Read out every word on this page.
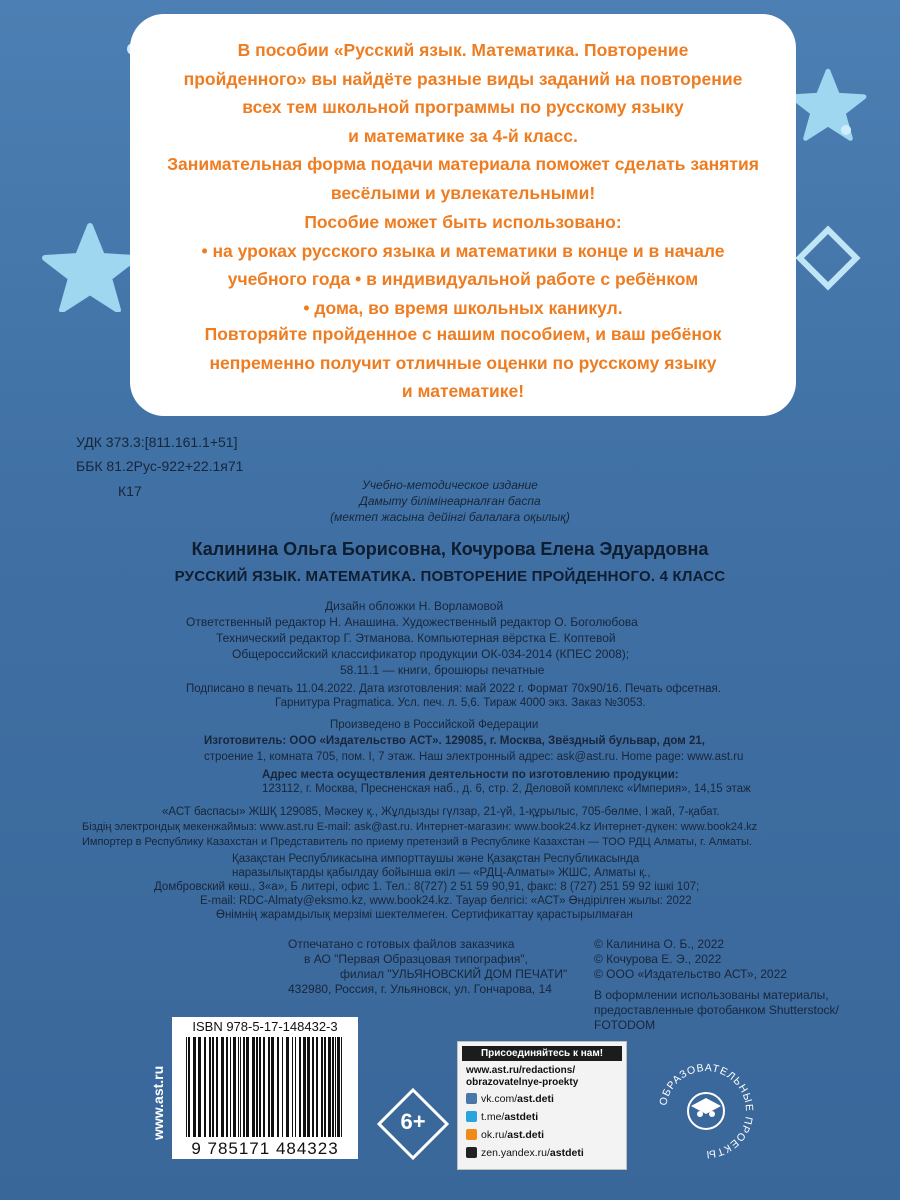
В пособии «Русский язык. Математика. Повторение

пройденного» вы найдёте разные виды заданий на повторение

всех тем школьной программы по русскому языку

и математике за 4-й класс.

Занимательная форма подачи материала поможет сделать занятия

весёлыми и увлекательными!

Пособие может быть использовано:

• на уроках русского языка и математики в конце и в начале

учебного года • в индивидуальной работе с ребёнком

• дома, во время школьных каникул.

Повторяйте пройденное с нашим пособием, и ваш ребёнок

непременно получит отличные оценки по русскому языку

и математике!

УДК 373.3:[811.161.1+51]
ББК 81.2Рус-922+22.1я71
К17	Учебно-методическое издание
Дамыту білімінеарналған баспа
(мектеп жасына дейінгі балалаға оқылық)
Калинина Ольга Борисовна, Кочурова Елена Эдуардовна
РУССКИЙ ЯЗЫК. МАТЕМАТИКА. ПОВТОРЕНИЕ ПРОЙДЕННОГО. 4 КЛАСС
Дизайн обложки Н. Ворламовой
Ответственный редактор Н. Анашина. Художественный редактор О. Боголюбова
Технический редактор Г. Этманова. Компьютерная вёрстка Е. Коптевой
Общероссийский классификатор продукции ОК-034-2014 (КПЕС 2008);
58.11.1 — книги, брошюры печатные
Подписано в печать 11.04.2022. Дата изготовления: май 2022 г. Формат 70х90/16. Печать офсетная.
Гарнитура Pragmatica. Усл. печ. л. 5,6. Тираж 4000 экз. Заказ №3053.
Произведено в Российской Федерации
Изготовитель: ООО «Издательство АСТ». 129085, г. Москва, Звёздный бульвар, дом 21,
строение 1, комната 705, пом. I, 7 этаж. Наш электронный адрес: ask@ast.ru. Home page: www.ast.ru
Адрес места осуществления деятельности по изготовлению продукции:
123112, г. Москва, Пресненская наб., д. 6, стр. 2, Деловой комплекс «Империя», 14,15 этаж
«АСТ баспасы» ЖШҚ 129085, Мәскеу қ., Жұлдызды гүлзар, 21-үй, 1-құрылыс, 705-бөлме, I жай, 7-қабат.
Біздің электрондық мекенжаймыз: www.ast.ru E-mail: ask@ast.ru. Интернет-магазин: www.book24.kz Интернет-дүкен: www.book24.kz
Импортер в Республику Казахстан и Представитель по приему претензий в Республике Казахстан — ТОО РДЦ Алматы, г. Алматы.
Қазақстан Республикасына импорттаушы және Қазақстан Республикасында
наразылықтарды қабылдау бойынша өкіл — «РДЦ-Алматы» ЖШС, Алматы қ.,
Домбровский көш., 3«а», Б литері, офис 1. Тел.: 8(727) 2 51 59 90,91, факс: 8 (727) 251 59 92 ішкі 107;
E-mail: RDC-Almaty@eksmo.kz, www.book24.kz. Тауар белгісі: «АСТ» Өндірілген жылы: 2022
Өнімнің жарамдылық мерзімі шектелмеген. Сертификаттау қарастырылмаған
Отпечатано с готовых файлов заказчика
в АО "Первая Образцовая типография",
филиал "УЛЬЯНОВСКИЙ ДОМ ПЕЧАТИ"
432980, Россия, г. Ульяновск, ул. Гончарова, 14
© Калинина О. Б., 2022
© Кочурова Е. Э., 2022
© ООО «Издательство АСТ», 2022
В оформлении использованы материалы,
предоставленные фотобанком Shutterstock/
FOTODOM
www.ast.ru
ISBN 978-5-17-148432-3
9 785171 484323
6+
Присоединяйтесь к нам!
www.ast.ru/redactions/
obrazovatelnye-proekty
vk.com/ast.deti
t.me/astdeti
ok.ru/ast.deti
zen.yandex.ru/astdeti
ОБРАЗОВАТЕЛЬНЫЕ ПРОЕКТЫ
